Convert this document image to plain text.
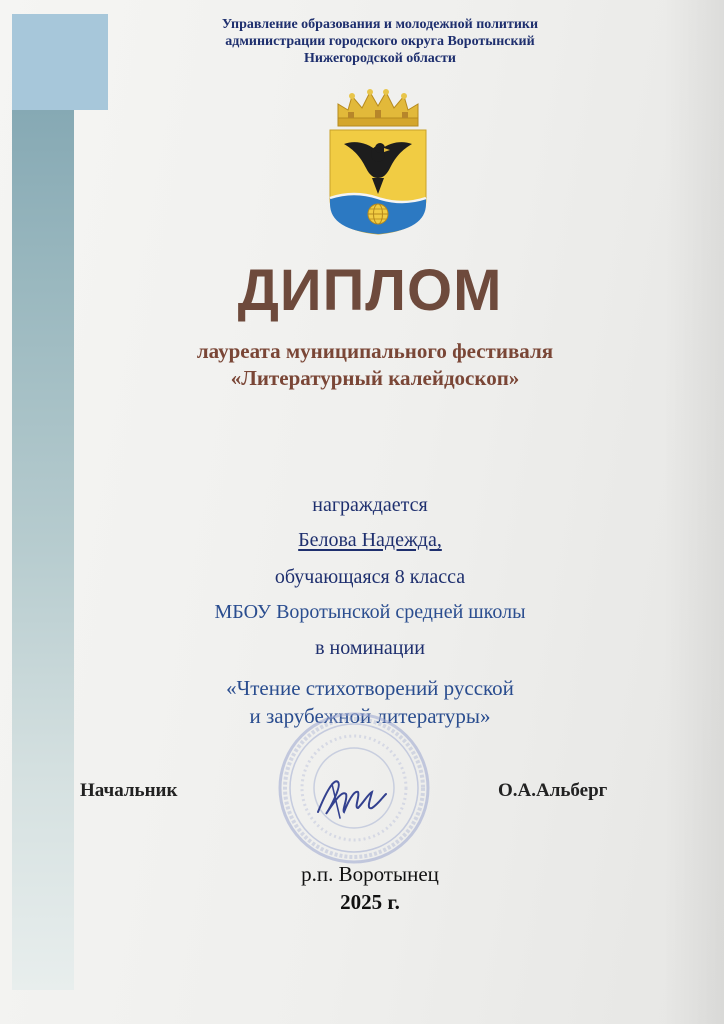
Управление образования и молодежной политики
администрации городского округа Воротынский
Нижегородской области
ДИПЛОМ
лауреата муниципального фестиваля
«Литературный калейдоскоп»
награждается
Белова Надежда,
обучающаяся 8 класса
МБОУ Воротынской средней школы
в номинации
«Чтение стихотворений русской
и зарубежной литературы»
Начальник	О.А.Альберг
р.п. Воротынец
2025 г.
